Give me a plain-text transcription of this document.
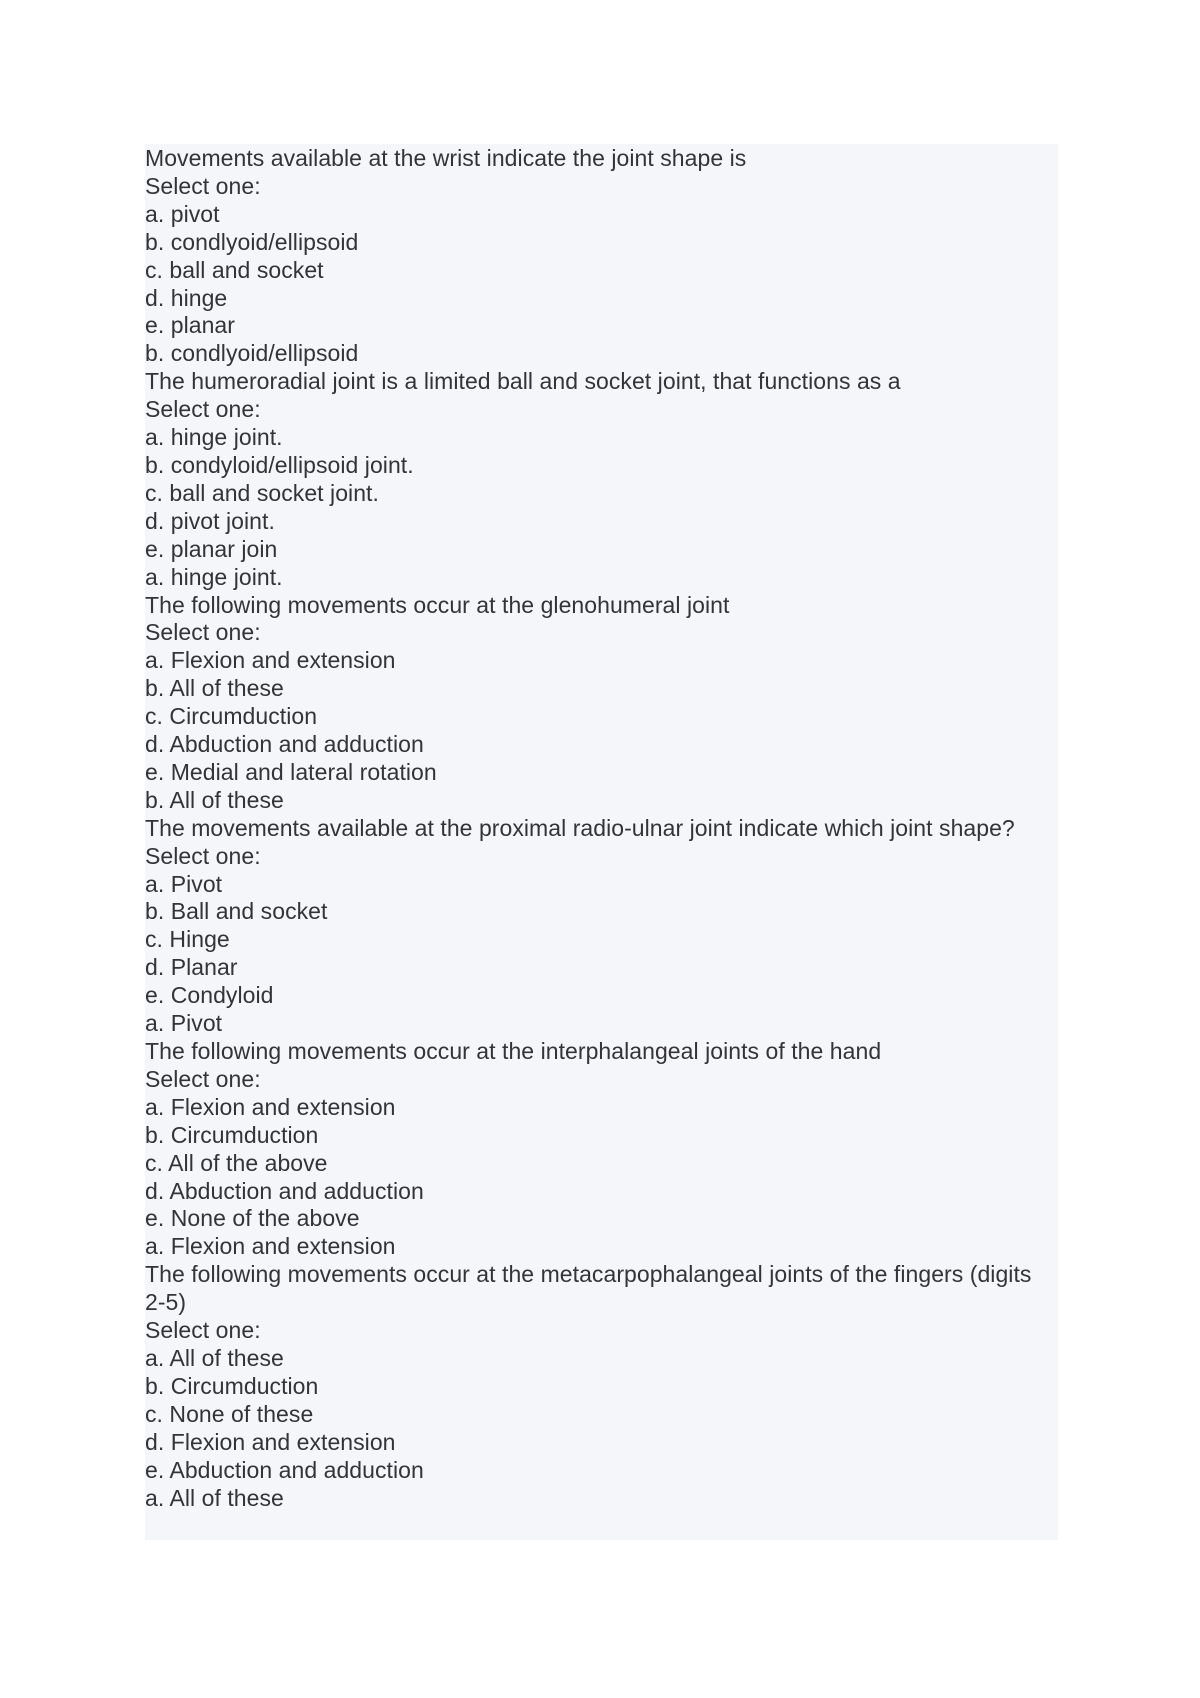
Movements available at the wrist indicate the joint shape is
Select one:
a. pivot
b. condlyoid/ellipsoid
c. ball and socket
d. hinge
e. planar
b. condlyoid/ellipsoid
The humeroradial joint is a limited ball and socket joint, that functions as a
Select one:
a. hinge joint.
b. condyloid/ellipsoid joint.
c. ball and socket joint.
d. pivot joint.
e. planar join
a. hinge joint.
The following movements occur at the glenohumeral joint
Select one:
a. Flexion and extension
b. All of these
c. Circumduction
d. Abduction and adduction
e. Medial and lateral rotation
b. All of these
The movements available at the proximal radio-ulnar joint indicate which joint shape?
Select one:
a. Pivot
b. Ball and socket
c. Hinge
d. Planar
e. Condyloid
a. Pivot
The following movements occur at the interphalangeal joints of the hand
Select one:
a. Flexion and extension
b. Circumduction
c. All of the above
d. Abduction and adduction
e. None of the above
a. Flexion and extension
The following movements occur at the metacarpophalangeal joints of the fingers (digits 2-5)
Select one:
a. All of these
b. Circumduction
c. None of these
d. Flexion and extension
e. Abduction and adduction
a. All of these
